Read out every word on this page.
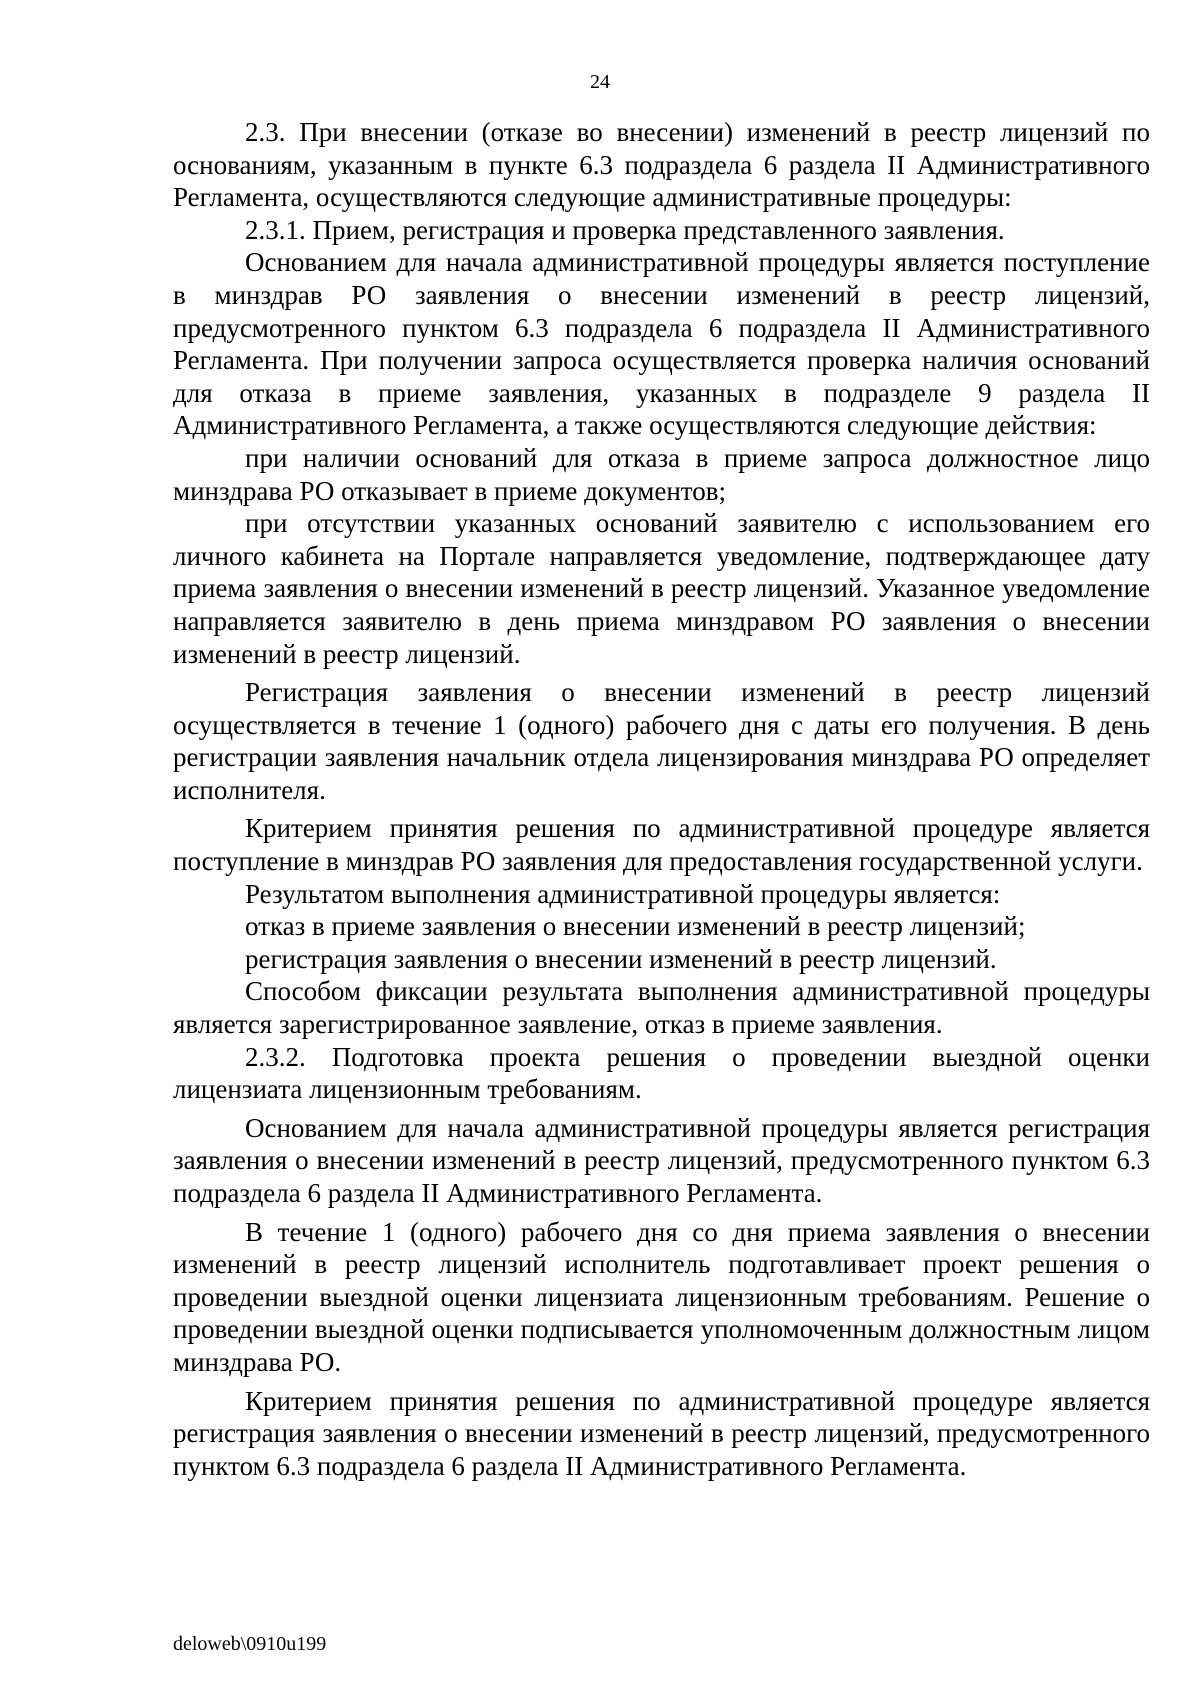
24

2.3. При внесении (отказе во внесении) изменений в реестр лицензий по основаниям, указанным в пункте 6.3 подраздела 6 раздела II Административного Регламента, осуществляются следующие административные процедуры:

2.3.1. Прием, регистрация и проверка представленного заявления.

Основанием для начала административной процедуры является поступление в минздрав РО заявления о внесении изменений в реестр лицензий, предусмотренного пунктом 6.3 подраздела 6 подраздела II Административного Регламента. При получении запроса осуществляется проверка наличия оснований для отказа в приеме заявления, указанных в подразделе 9 раздела II Административного Регламента, а также осуществляются следующие действия:

при наличии оснований для отказа в приеме запроса должностное лицо минздрава РО отказывает в приеме документов;

при отсутствии указанных оснований заявителю с использованием его личного кабинета на Портале направляется уведомление, подтверждающее дату приема заявления о внесении изменений в реестр лицензий. Указанное уведомление направляется заявителю в день приема минздравом РО заявления о внесении изменений в реестр лицензий.

Регистрация заявления о внесении изменений в реестр лицензий осуществляется в течение 1 (одного) рабочего дня с даты его получения. В день регистрации заявления начальник отдела лицензирования минздрава РО определяет исполнителя.

Критерием принятия решения по административной процедуре является поступление в минздрав РО заявления для предоставления государственной услуги.

Результатом выполнения административной процедуры является:

отказ в приеме заявления о внесении изменений в реестр лицензий;

регистрация заявления о внесении изменений в реестр лицензий.

Способом фиксации результата выполнения административной процедуры является зарегистрированное заявление, отказ в приеме заявления.

2.3.2. Подготовка проекта решения о проведении выездной оценки лицензиата лицензионным требованиям.

Основанием для начала административной процедуры является регистрация заявления о внесении изменений в реестр лицензий, предусмотренного пунктом 6.3 подраздела 6 раздела II Административного Регламента.

В течение 1 (одного) рабочего дня со дня приема заявления о внесении изменений в реестр лицензий исполнитель подготавливает проект решения о проведении выездной оценки лицензиата лицензионным требованиям. Решение о проведении выездной оценки подписывается уполномоченным должностным лицом минздрава РО.

Критерием принятия решения по административной процедуре является регистрация заявления о внесении изменений в реестр лицензий, предусмотренного пунктом 6.3 подраздела 6 раздела II Административного Регламента.

deloweb\0910u199
